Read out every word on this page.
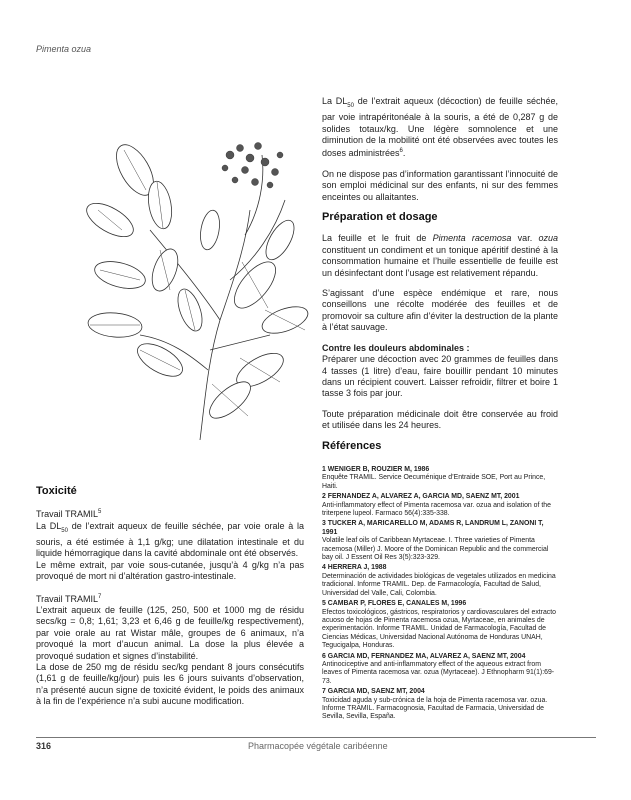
Pimenta ozua

La $DL_{50}$ de l’extrait aqueux (décoction) de feuille séchée, par voie intrapéritonéale à la souris, a été de 0,287 g de solides totaux/kg. Une légère somnolence et une diminution de la mobilité ont été observées avec toutes les doses administrées$^6$.

On ne dispose pas d’information garantissant l’innocuité de son emploi médicinal sur des enfants, ni sur des femmes enceintes ou allaitantes.

Préparation et dosage

La feuille et le fruit de Pimenta racemosa var. ozua constituent un condiment et un tonique apéritif destiné à la consommation humaine et l’huile essentielle de feuille est un désinfectant dont l’usage est relativement répandu.

S’agissant d’une espèce endémique et rare, nous conseillons une récolte modérée des feuilles et de promovoir sa culture afin d’éviter la destruction de la plante à l’état sauvage.

Contre les douleurs abdominales :

Préparer une décoction avec 20 grammes de feuilles dans 4 tasses (1 litre) d’eau, faire bouillir pendant 10 minutes dans un récipient couvert. Laisser refroidir, filtrer et boire 1 tasse 3 fois par jour.

Toute préparation médicinale doit être conservée au froid et utilisée dans les 24 heures.

Références
1 WENIGER B, ROUZIER M, 1986
Enquête TRAMIL. Service Oecuménique d’Entraide SOE, Port au Prince, Haiti.
2 FERNANDEZ A, ALVAREZ A, GARCIA MD, SAENZ MT, 2001
Anti-inflammatory effect of Pimenta racemosa var. ozua and isolation of the triterpene lupeol. Farmaco 56(4):335-338.
3 TUCKER A, MARICARELLO M, ADAMS R, LANDRUM L, ZANONI T, 1991
Volatile leaf oils of Caribbean Myrtaceae. I. Three varieties of Pimenta racemosa (Miller) J. Moore of the Dominican Republic and the commercial bay oil. J Essent Oil Res 3(5):323-329.
4 HERRERA J, 1988
Determinación de actividades biológicas de vegetales utilizados en medicina tradicional. Informe TRAMIL. Dep. de Farmacología, Facultad de Salud, Universidad del Valle, Cali, Colombia.
5 CAMBAR P, FLORES E, CANALES M, 1996
Efectos toxicológicos, gástricos, respiratorios y cardiovasculares del extracto acuoso de hojas de Pimenta racemosa ozua, Myrtaceae, en animales de experimentación. Informe TRAMIL. Unidad de Farmacología, Facultad de Ciencias Médicas, Universidad Nacional Autónoma de Honduras UNAH, Tegucigalpa, Honduras.
6 GARCIA MD, FERNANDEZ MA, ALVAREZ A, SAENZ MT, 2004
Antinociceptive and anti-inflammatory effect of the aqueous extract from leaves of Pimenta racemosa var. ozua (Myrtaceae). J Ethnopharm 91(1):69-73.
7 GARCIA MD, SAENZ MT, 2004
Toxicidad aguda y sub-crónica de la hoja de Pimenta racemosa var. ozua. Informe TRAMIL. Farmacognosia, Facultad de Farmacia, Universidad de Sevilla, Sevilla, España.
Toxicité

Travail TRAMIL$^5$

La $DL_{50}$ de l’extrait aqueux de feuille séchée, par voie orale à la souris, a été estimée à 1,1 g/kg; une dilatation intestinale et du liquide hémorragique dans la cavité abdominale ont été observés.

Le même extrait, par voie sous-cutanée, jusqu’à 4 g/kg n’a pas provoqué de mort ni d’altération gastro-intestinale.

Travail TRAMIL$^7$

L’extrait aqueux de feuille (125, 250, 500 et 1000 mg de résidu secs/kg = 0,8; 1,61; 3,23 et 6,46 g de feuille/kg respectivement), par voie orale au rat Wistar mâle, groupes de 6 animaux, n’a provoqué la mort d’aucun animal. La dose la plus élevée a provoqué sudation et signes d’instabilité.

La dose de 250 mg de résidu sec/kg pendant 8 jours consécutifs (1,61 g de feuille/kg/jour) puis les 6 jours suivants d’observation, n’a présenté aucun signe de toxicité évident, le poids des animaux à la fin de l’expérience n’a subi aucune modification.

316	Pharmacopée végétale caribéenne
